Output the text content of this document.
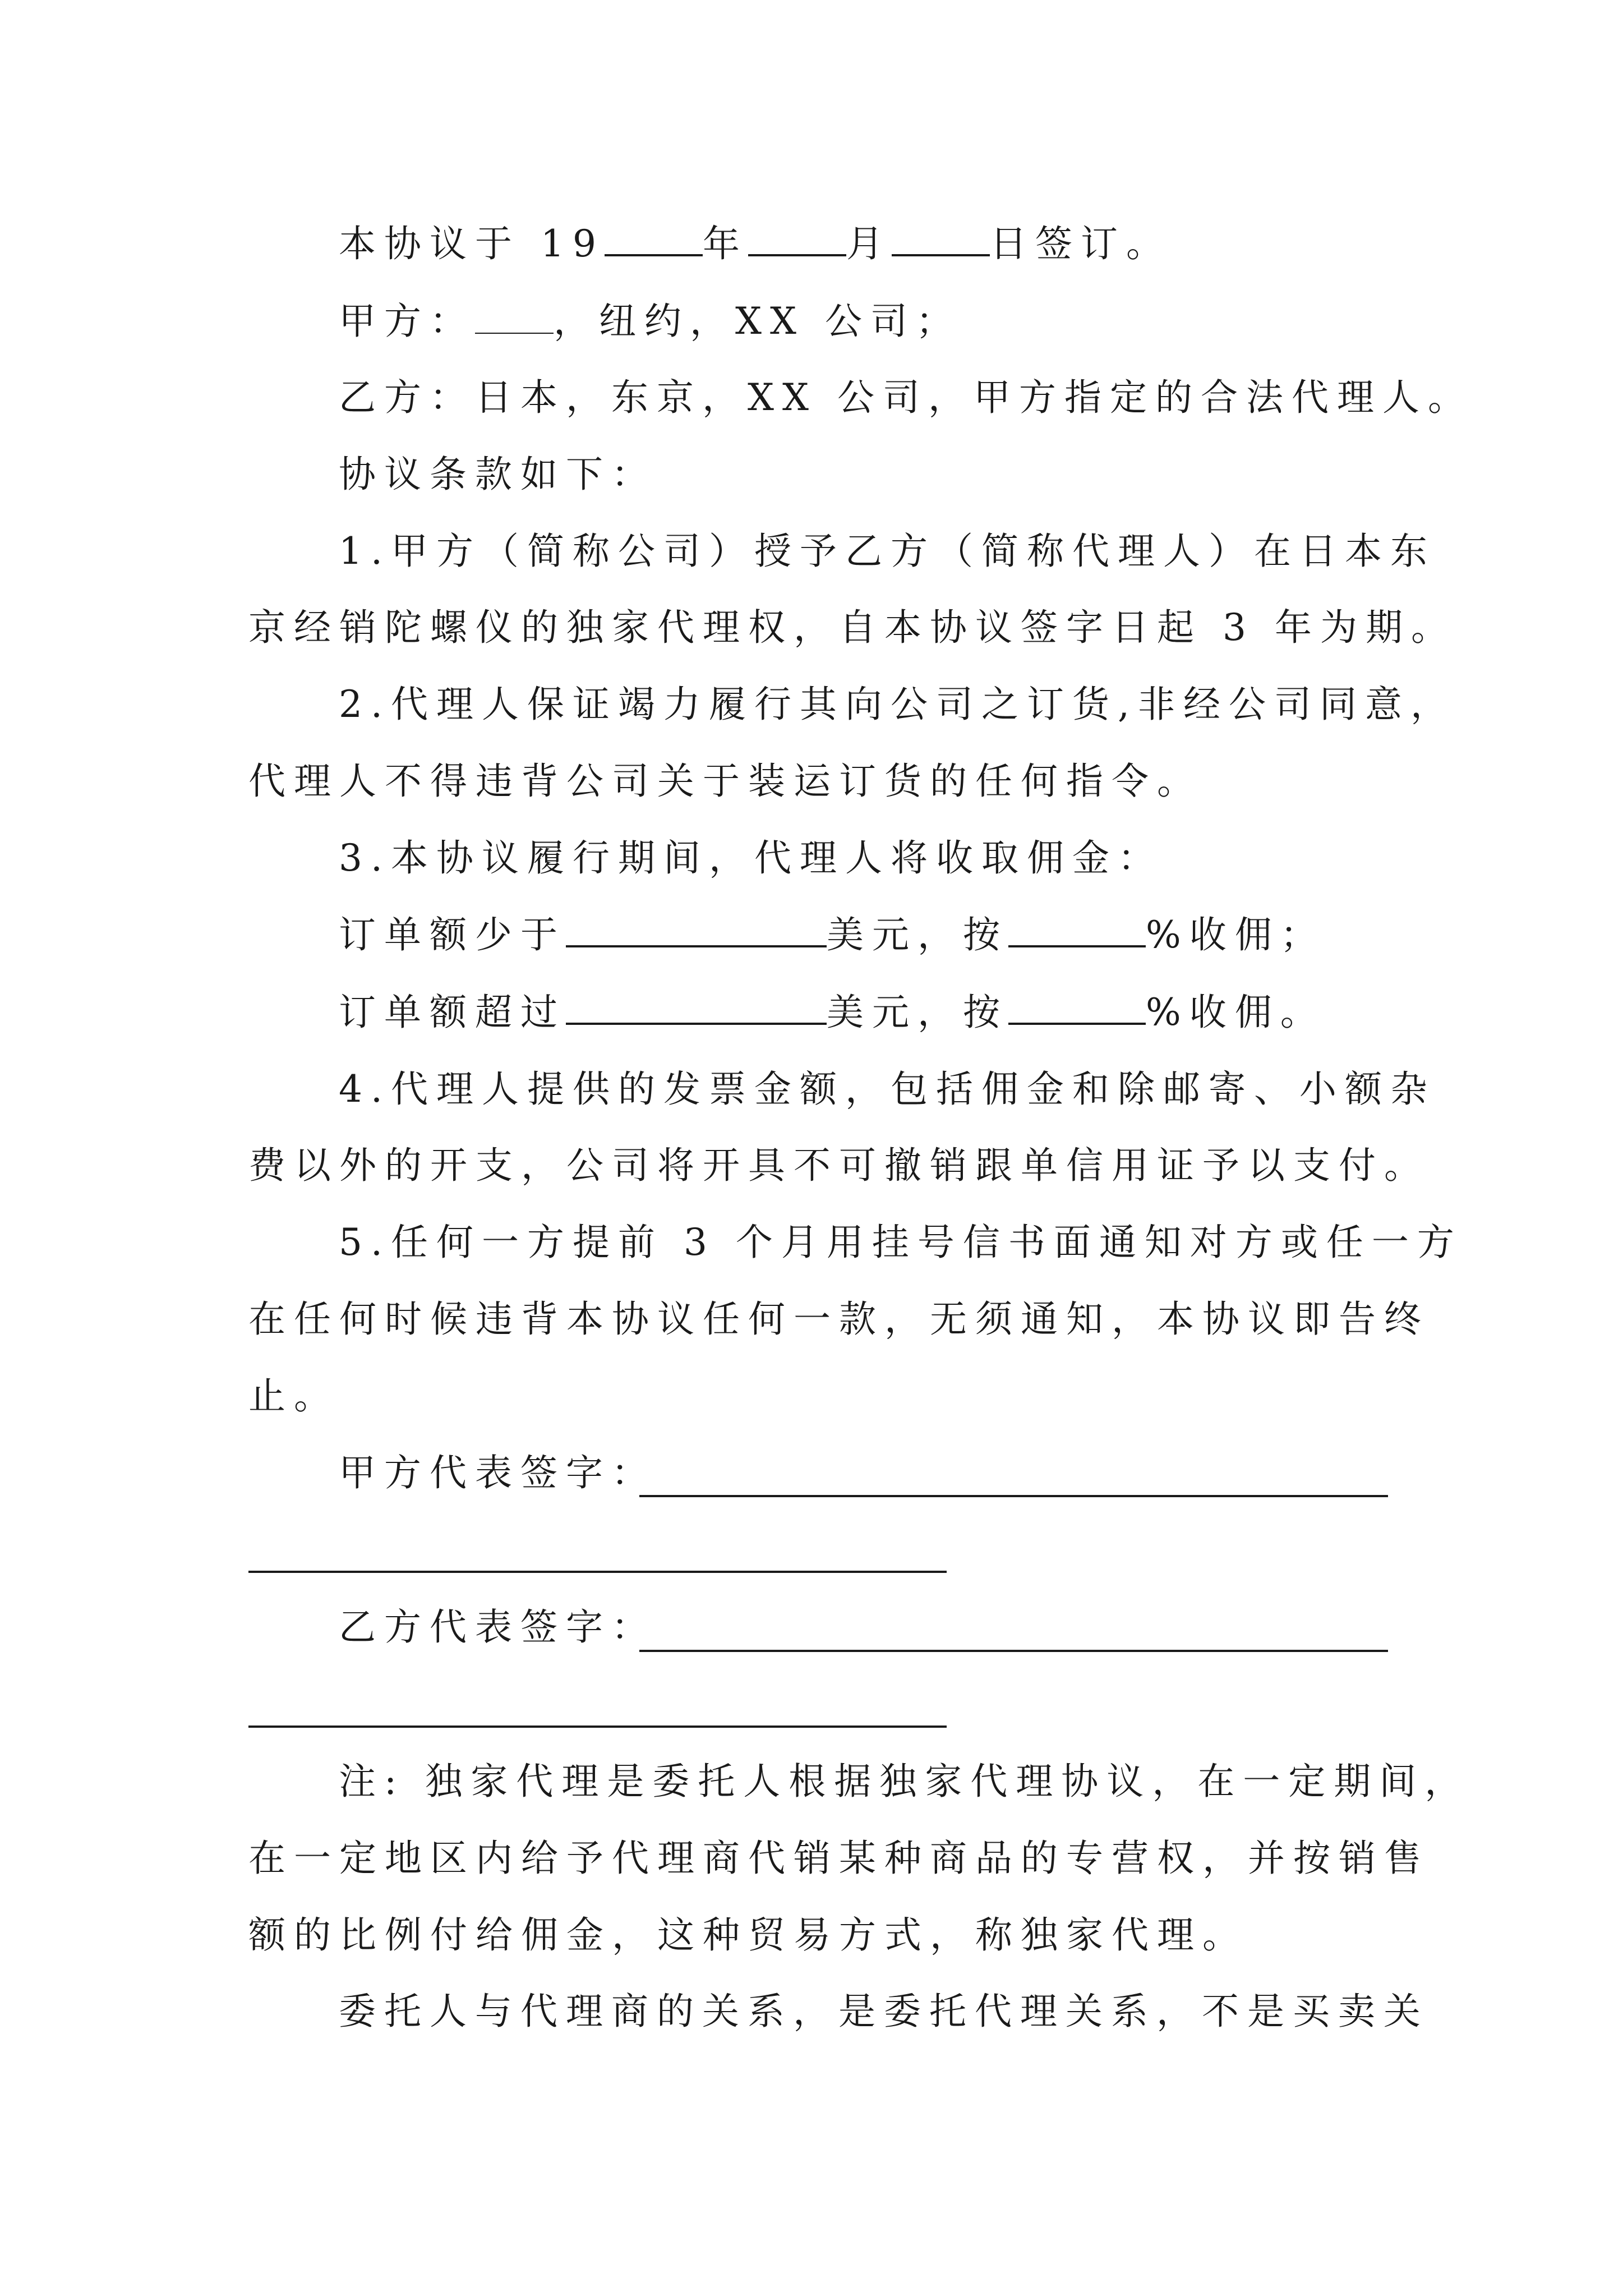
本协议于 19	年	月	日签订。
甲方： ，纽约，XX 公司；
乙方：日本，东京，XX 公司，甲方指定的合法代理人。
协议条款如下：
1.甲方（简称公司）授予乙方（简称代理人）在日本东
京经销陀螺仪的独家代理权，自本协议签字日起 3 年为期。
2.代理人保证竭力履行其向公司之订货,非经公司同意，
代理人不得违背公司关于装运订货的任何指令。
3.本协议履行期间，代理人将收取佣金：
订单额少于	美元，按	%收佣；
订单额超过	美元，按	%收佣。
4.代理人提供的发票金额，包括佣金和除邮寄、小额杂
费以外的开支，公司将开具不可撤销跟单信用证予以支付。
5.任何一方提前 3 个月用挂号信书面通知对方或任一方
在任何时候违背本协议任何一款，无须通知，本协议即告终
止。
甲方代表签字：
乙方代表签字：
注: 独家代理是委托人根据独家代理协议，在一定期间，
在一定地区内给予代理商代销某种商品的专营权，并按销售
额的比例付给佣金，这种贸易方式，称独家代理。
委托人与代理商的关系，是委托代理关系，不是买卖关
